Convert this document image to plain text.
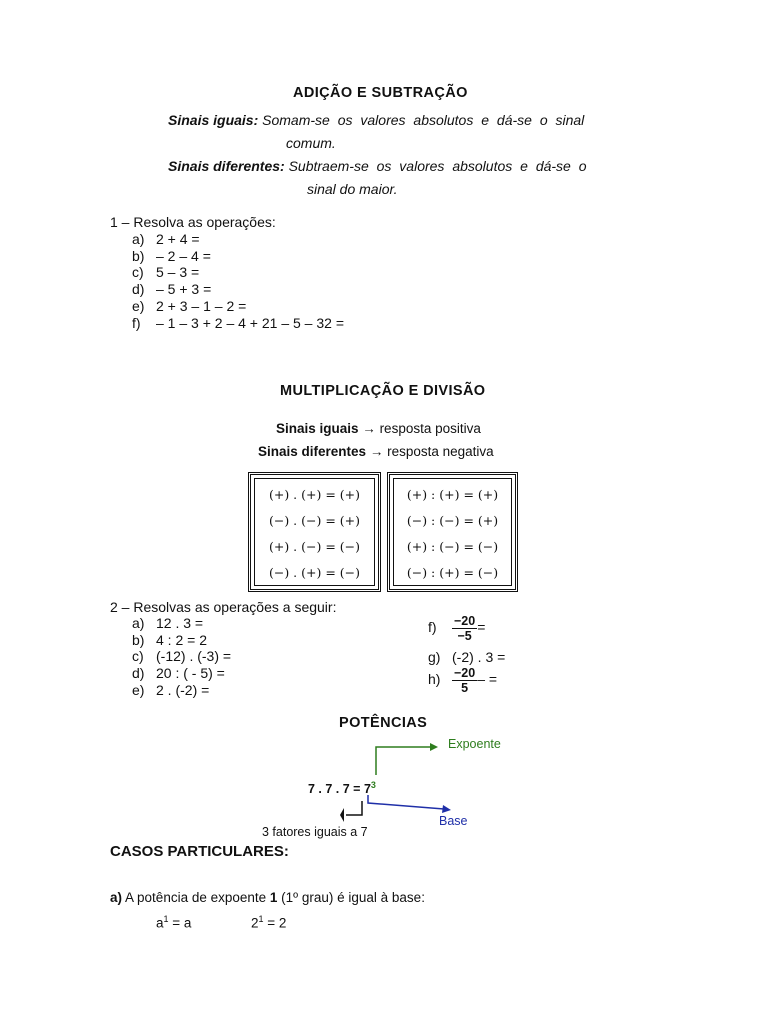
ADIÇÃO E SUBTRAÇÃO
Sinais iguais: Somam-se os valores absolutos e dá-se o sinal
comum.
Sinais diferentes: Subtraem-se os valores absolutos e dá-se o
sinal do maior.
1 – Resolva as operações:
a) 2 + 4 =
b) – 2 – 4 =
c) 5 – 3 =
d) – 5 + 3 =
e) 2 + 3 – 1 – 2 =
f) – 1 – 3 + 2 – 4 + 21 – 5 – 32 =
MULTIPLICAÇÃO E DIVISÃO
Sinais iguais → resposta positiva
Sinais diferentes → resposta negativa
(+) . (+) = (+)
(−) . (−) = (+)
(+) . (−) = (−)
(−) . (+) = (−)
(+) : (+) = (+)
(−) : (−) = (+)
(+) : (−) = (−)
(−) : (+) = (−)
2 – Resolvas as operações a seguir:
a) 12 . 3 =
b) 4 : 2 = 2
c) (-12) . (-3) =
d) 20 : ( - 5) =
e) 2 . (-2) =
$f) \frac{-20}{-5}$ =
g) (-2) . 3 =
$h) \frac{-20}{5}$ – =
POTÊNCIAS
7 . 7 . $7 = 7^3$
Expoente
Base
3 fatores iguais a 7
CASOS PARTICULARES:
a) A potência de expoente 1 (1º grau) é igual à base:
$a^1 = a$	$2^1 = 2$
